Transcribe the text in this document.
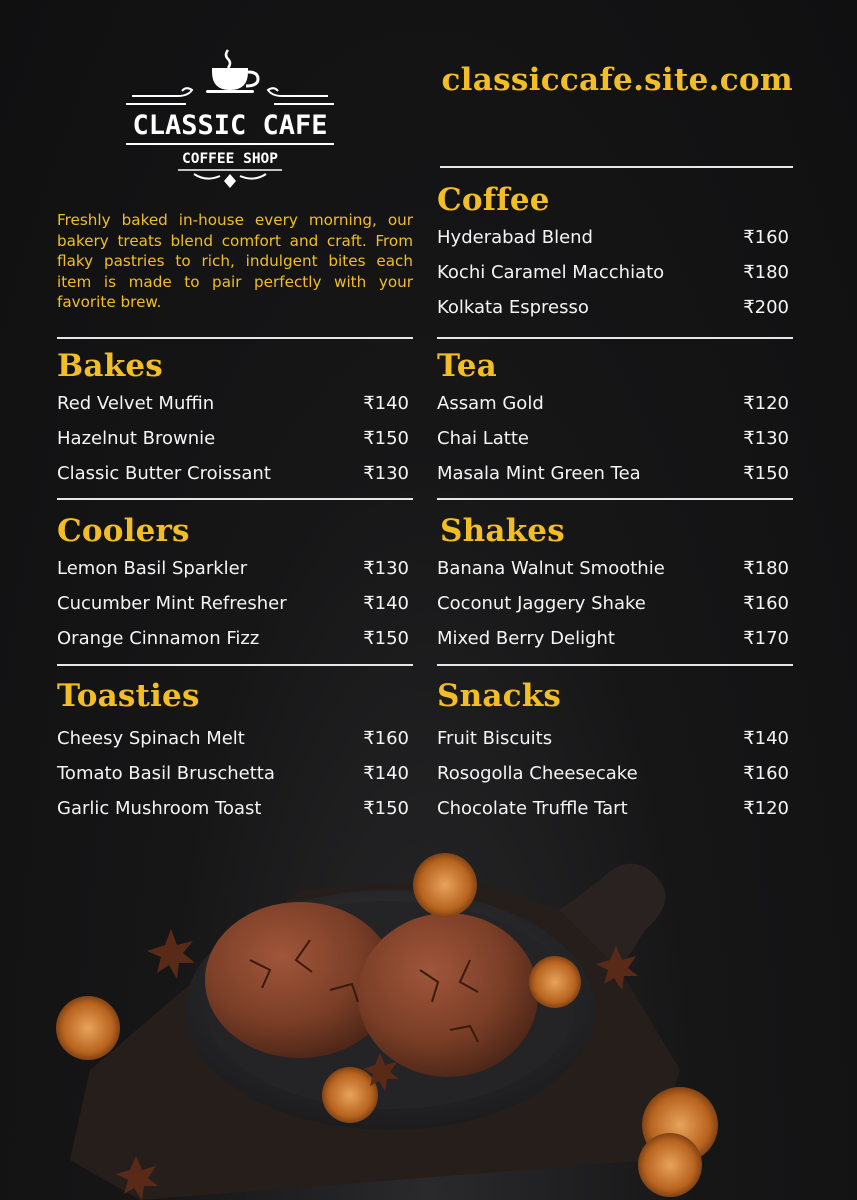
CLASSIC CAFE
COFFEE SHOP
classiccafe.site.com

Freshly baked in-house every morning, our bakery treats blend comfort and craft. From flaky pastries to rich, indulgent bites each item is made to pair perfectly with your favorite brew.

Coffee
Hyderabad Blend	₹160
Kochi Caramel Macchiato	₹180
Kolkata Espresso	₹200
Bakes
Red Velvet Muffin	₹140
Hazelnut Brownie	₹150
Classic Butter Croissant	₹130
Tea
Assam Gold	₹120
Chai Latte	₹130
Masala Mint Green Tea	₹150
Coolers
Lemon Basil Sparkler	₹130
Cucumber Mint Refresher	₹140
Orange Cinnamon Fizz	₹150
Shakes
Banana Walnut Smoothie	₹180
Coconut Jaggery Shake	₹160
Mixed Berry Delight	₹170
Toasties
Cheesy Spinach Melt	₹160
Tomato Basil Bruschetta	₹140
Garlic Mushroom Toast	₹150
Snacks
Fruit Biscuits	₹140
Rosogolla Cheesecake	₹160
Chocolate Truffle Tart	₹120
